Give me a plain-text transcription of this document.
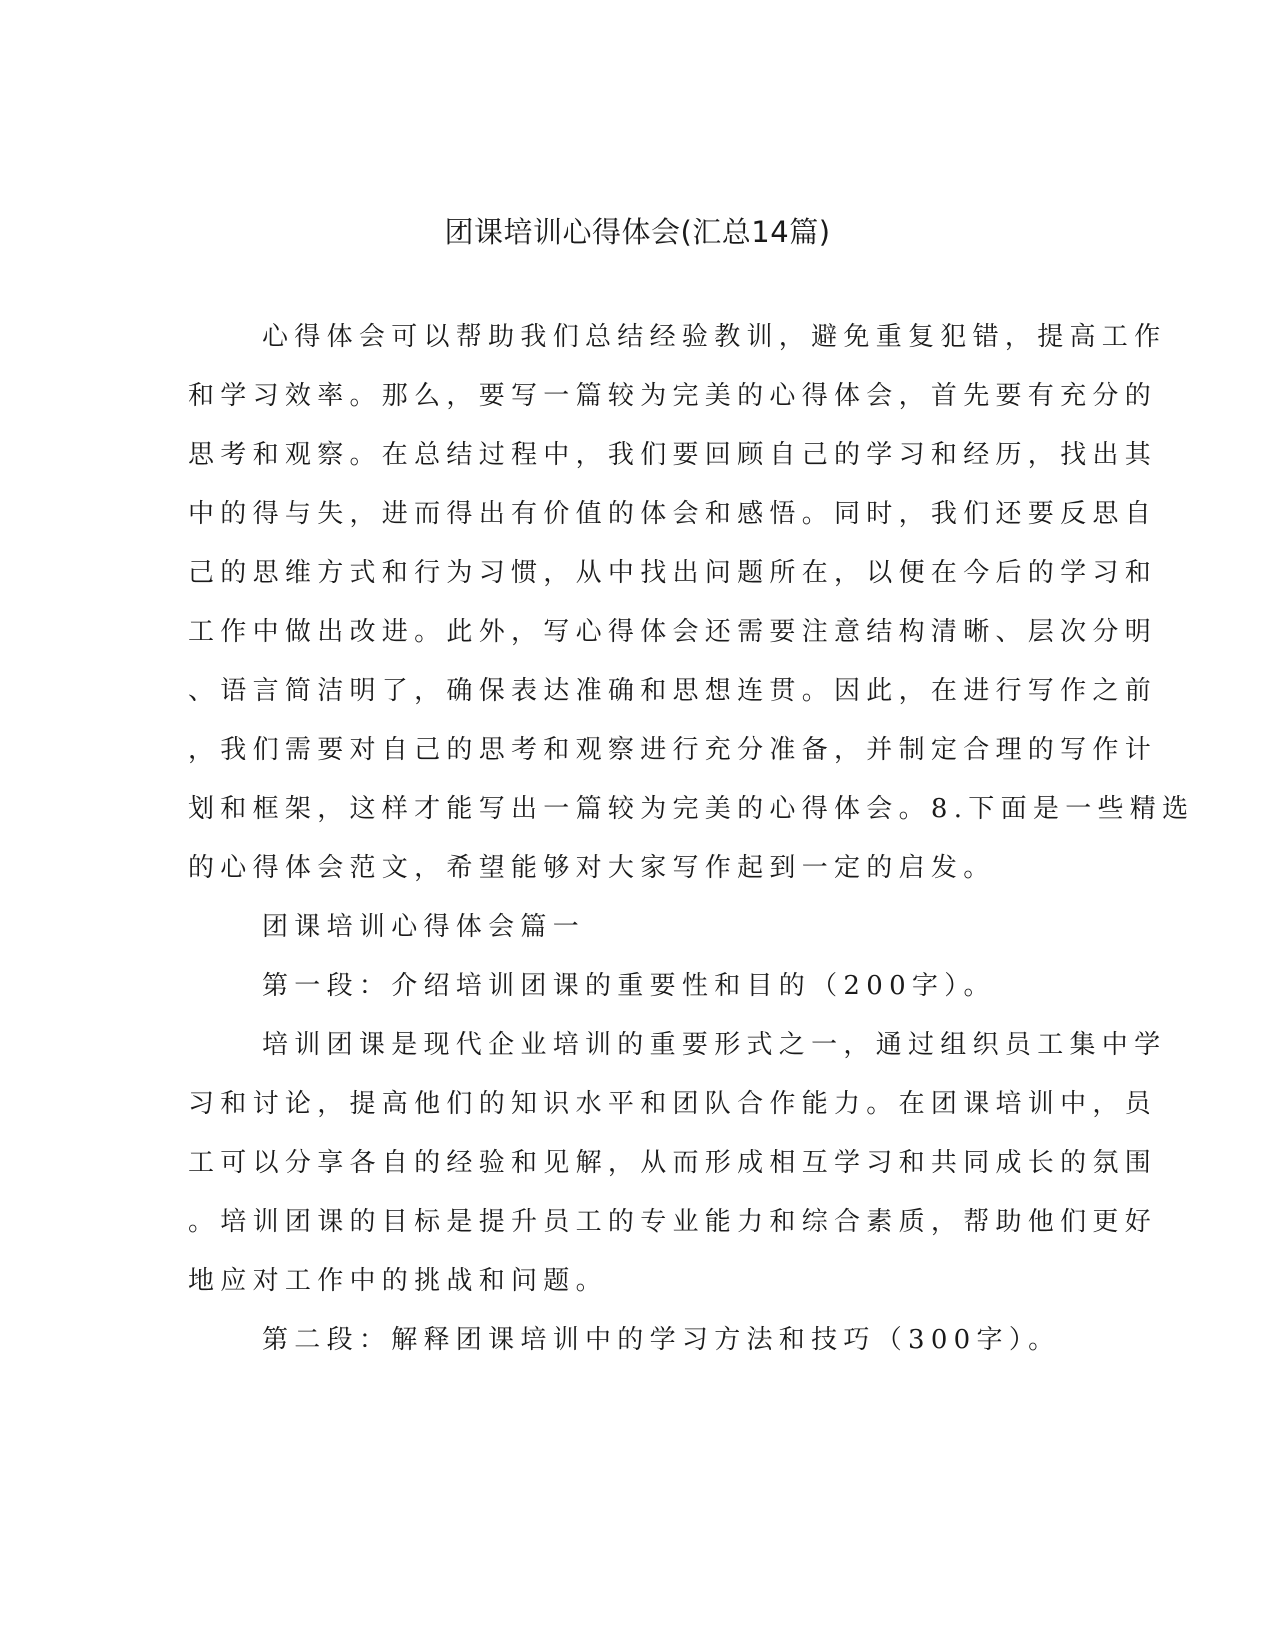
团课培训心得体会(汇总14篇)

心得体会可以帮助我们总结经验教训，避免重复犯错，提高工作

和学习效率。那么，要写一篇较为完美的心得体会，首先要有充分的

思考和观察。在总结过程中，我们要回顾自己的学习和经历，找出其

中的得与失，进而得出有价值的体会和感悟。同时，我们还要反思自

己的思维方式和行为习惯，从中找出问题所在，以便在今后的学习和

工作中做出改进。此外，写心得体会还需要注意结构清晰、层次分明

、语言简洁明了，确保表达准确和思想连贯。因此，在进行写作之前

，我们需要对自己的思考和观察进行充分准备，并制定合理的写作计

划和框架，这样才能写出一篇较为完美的心得体会。8.下面是一些精选

的心得体会范文，希望能够对大家写作起到一定的启发。

团课培训心得体会篇一

第一段：介绍培训团课的重要性和目的（200字）。

培训团课是现代企业培训的重要形式之一，通过组织员工集中学

习和讨论，提高他们的知识水平和团队合作能力。在团课培训中，员

工可以分享各自的经验和见解，从而形成相互学习和共同成长的氛围

。培训团课的目标是提升员工的专业能力和综合素质，帮助他们更好

地应对工作中的挑战和问题。

第二段：解释团课培训中的学习方法和技巧（300字）。
